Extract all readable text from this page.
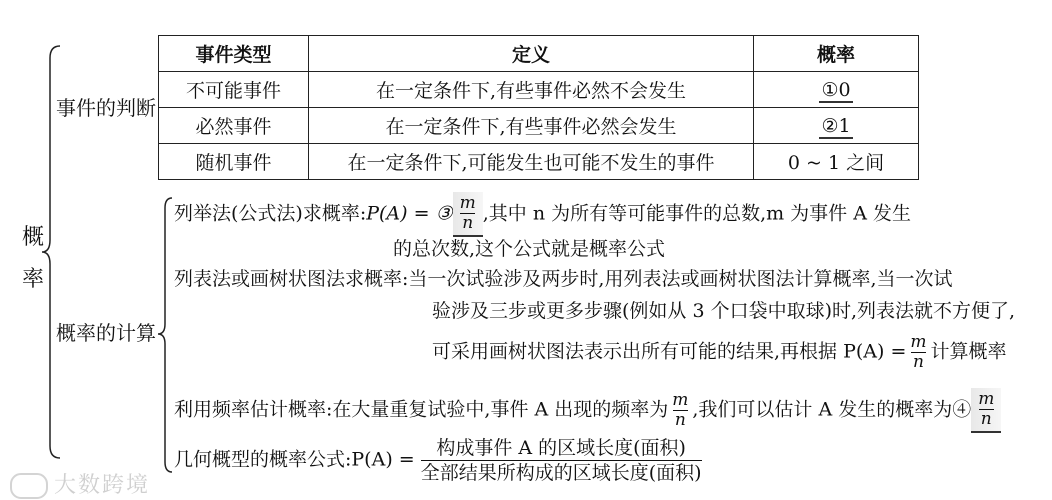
概
率
事件的判断
事件类型	定义	概率
不可能事件	在一定条件下,有些事件必然不会发生	①0
必然事件	在一定条件下,有些事件必然会发生	②1
随机事件	在一定条件下,可能发生也可能不发生的事件	0 ~ 1 之间
概率的计算
列举法(公式法)求概率:P(A) = ③ $\frac{m}{n}$ ,其中 n 为所有等可能事件的总数,m 为事件 A 发生
的总次数,这个公式就是概率公式
列表法或画树状图法求概率:当一次试验涉及两步时,用列表法或画树状图法计算概率,当一次试
验涉及三步或更多步骤(例如从 3 个口袋中取球)时,列表法就不方便了,
可采用画树状图法表示出所有可能的结果,再根据 $P(A) = \frac{m}{n}$ 计算概率
利用频率估计概率:在大量重复试验中,事件 A 出现的频率为 $\frac{m}{n}$ ,我们可以估计 A 发生的概率为④ $\frac{m}{n}$
几何概型的概率公式:P(A) = $\frac{\text{构成事件 A 的区域长度(面积)}}{\text{全部结果所构成的区域长度(面积)}}$
大数跨境
